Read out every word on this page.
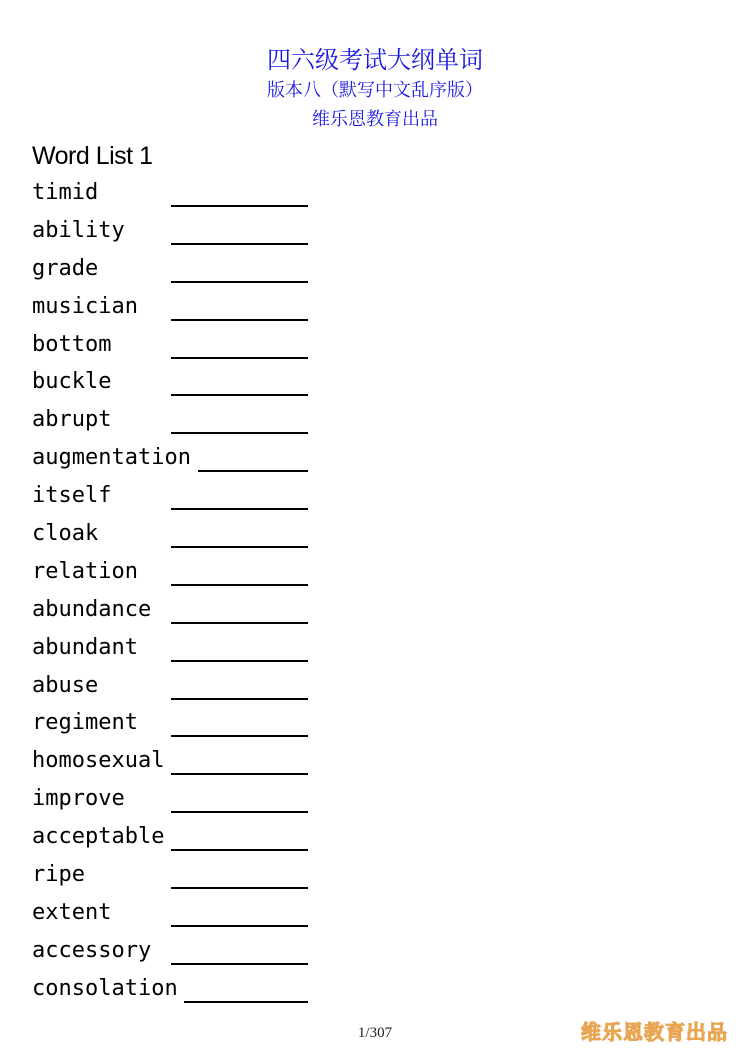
四六级考试大纲单词
版本八（默写中文乱序版）
维乐恩教育出品
Word List 1
timid
ability
grade
musician
bottom
buckle
abrupt
augmentation
itself
cloak
relation
abundance
abundant
abuse
regiment
homosexual
improve
acceptable
ripe
extent
accessory
consolation
1/307	维乐恩教育出品
